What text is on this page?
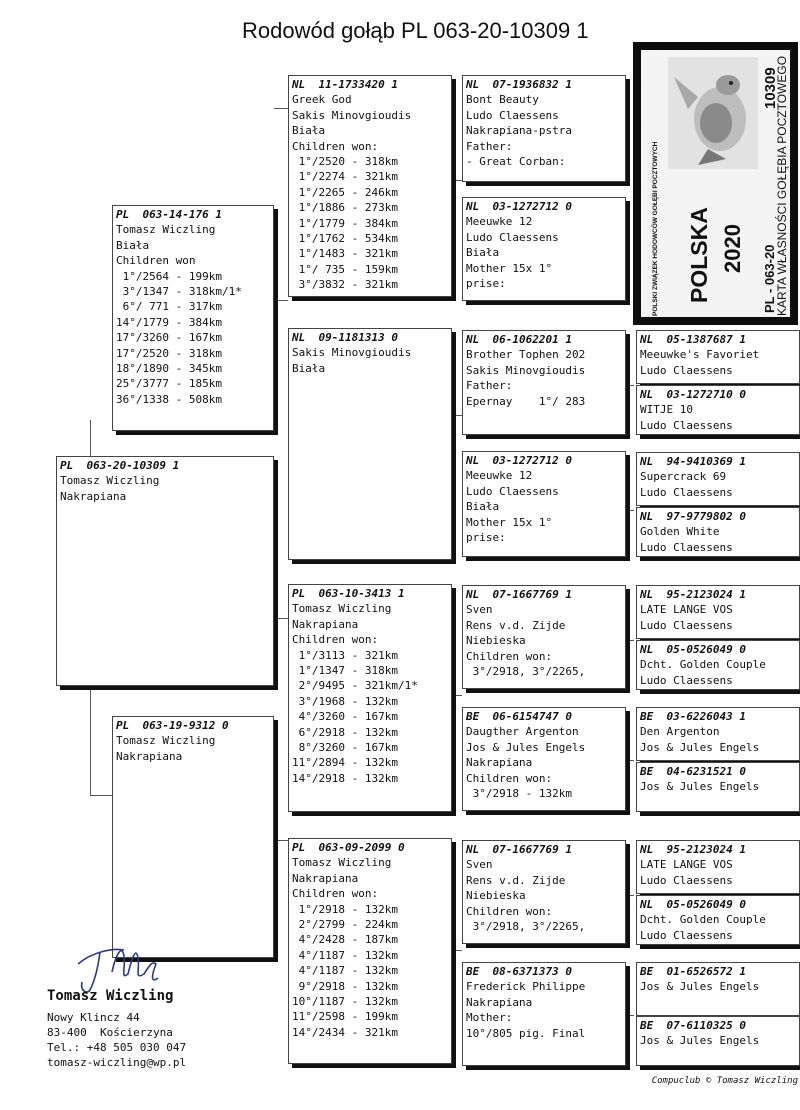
Rodowód gołąb PL 063-20-10309 1
PL  063-20-10309 1
Tomasz Wiczling
Nakrapiana
PL  063-14-176 1
Tomasz Wiczling
Biała
Children won
1°/2564 - 199km
3°/1347 - 318km/1*
6°/ 771 - 317km
14°/1779 - 384km
17°/3260 - 167km
17°/2520 - 318km
18°/1890 - 345km
25°/3777 - 185km
36°/1338 - 508km
PL  063-19-9312 0
Tomasz Wiczling
Nakrapiana
NL  11-1733420 1
Greek God
Sakis Minovgioudis
Biała
Children won:
1°/2520 - 318km
1°/2274 - 321km
1°/2265 - 246km
1°/1886 - 273km
1°/1779 - 384km
1°/1762 - 534km
1°/1483 - 321km
1°/ 735 - 159km
3°/3832 - 321km
NL  09-1181313 0
Sakis Minovgioudis
Biała
PL  063-10-3413 1
Tomasz Wiczling
Nakrapiana
Children won:
1°/3113 - 321km
1°/1347 - 318km
2°/9495 - 321km/1*
3°/1968 - 132km
4°/3260 - 167km
6°/2918 - 132km
8°/3260 - 167km
11°/2894 - 132km
14°/2918 - 132km
PL  063-09-2099 0
Tomasz Wiczling
Nakrapiana
Children won:
1°/2918 - 132km
2°/2799 - 224km
4°/2428 - 187km
4°/1187 - 132km
4°/1187 - 132km
9°/2918 - 132km
10°/1187 - 132km
11°/2598 - 199km
14°/2434 - 321km
NL  07-1936832 1
Bont Beauty
Ludo Claessens
Nakrapiana-pstra
Father:
- Great Corban:
NL  03-1272712 0
Meeuwke 12
Ludo Claessens
Biała
Mother 15x 1°
prise:
NL  06-1062201 1
Brother Tophen 202
Sakis Minovgioudis
Father:
Epernay    1°/ 283
NL  03-1272712 0
Meeuwke 12
Ludo Claessens
Biała
Mother 15x 1°
prise:
NL  07-1667769 1
Sven
Rens v.d. Zijde
Niebieska
Children won:
3°/2918, 3°/2265,
BE  06-6154747 0
Daugther Argenton
Jos & Jules Engels
Nakrapiana
Children won:
3°/2918 - 132km
NL  07-1667769 1
Sven
Rens v.d. Zijde
Niebieska
Children won:
3°/2918, 3°/2265,
BE  08-6371373 0
Frederick Philippe
Nakrapiana
Mother:
10°/805 pig. Final
NL  05-1387687 1
Meeuwke's Favoriet
Ludo Claessens
NL  03-1272710 0
WITJE 10
Ludo Claessens
NL  94-9410369 1
Supercrack 69
Ludo Claessens
NL  97-9779802 0
Golden White
Ludo Claessens
NL  95-2123024 1
LATE LANGE VOS
Ludo Claessens
NL  05-0526049 0
Dcht. Golden Couple
Ludo Claessens
BE  03-6226043 1
Den Argenton
Jos & Jules Engels
BE  04-6231521 0
Jos & Jules Engels
NL  95-2123024 1
LATE LANGE VOS
Ludo Claessens
NL  05-0526049 0
Dcht. Golden Couple
Ludo Claessens
BE  01-6526572 1
Jos & Jules Engels
BE  07-6110325 0
Jos & Jules Engels
10309
POLSKI ZWIĄZEK HODOWCÓW GOŁĘBI POCZTOWYCH POLSKA 2020 PL - 063-20
KARTA WŁASNOŚCI GOŁĘBIA POCZTOWEGO
Tomasz Wiczling
Nowy Klincz 44
83-400  Kościerzyna
Tel.: +48 505 030 047
tomasz-wiczling@wp.pl
Compuclub © Tomasz Wiczling
